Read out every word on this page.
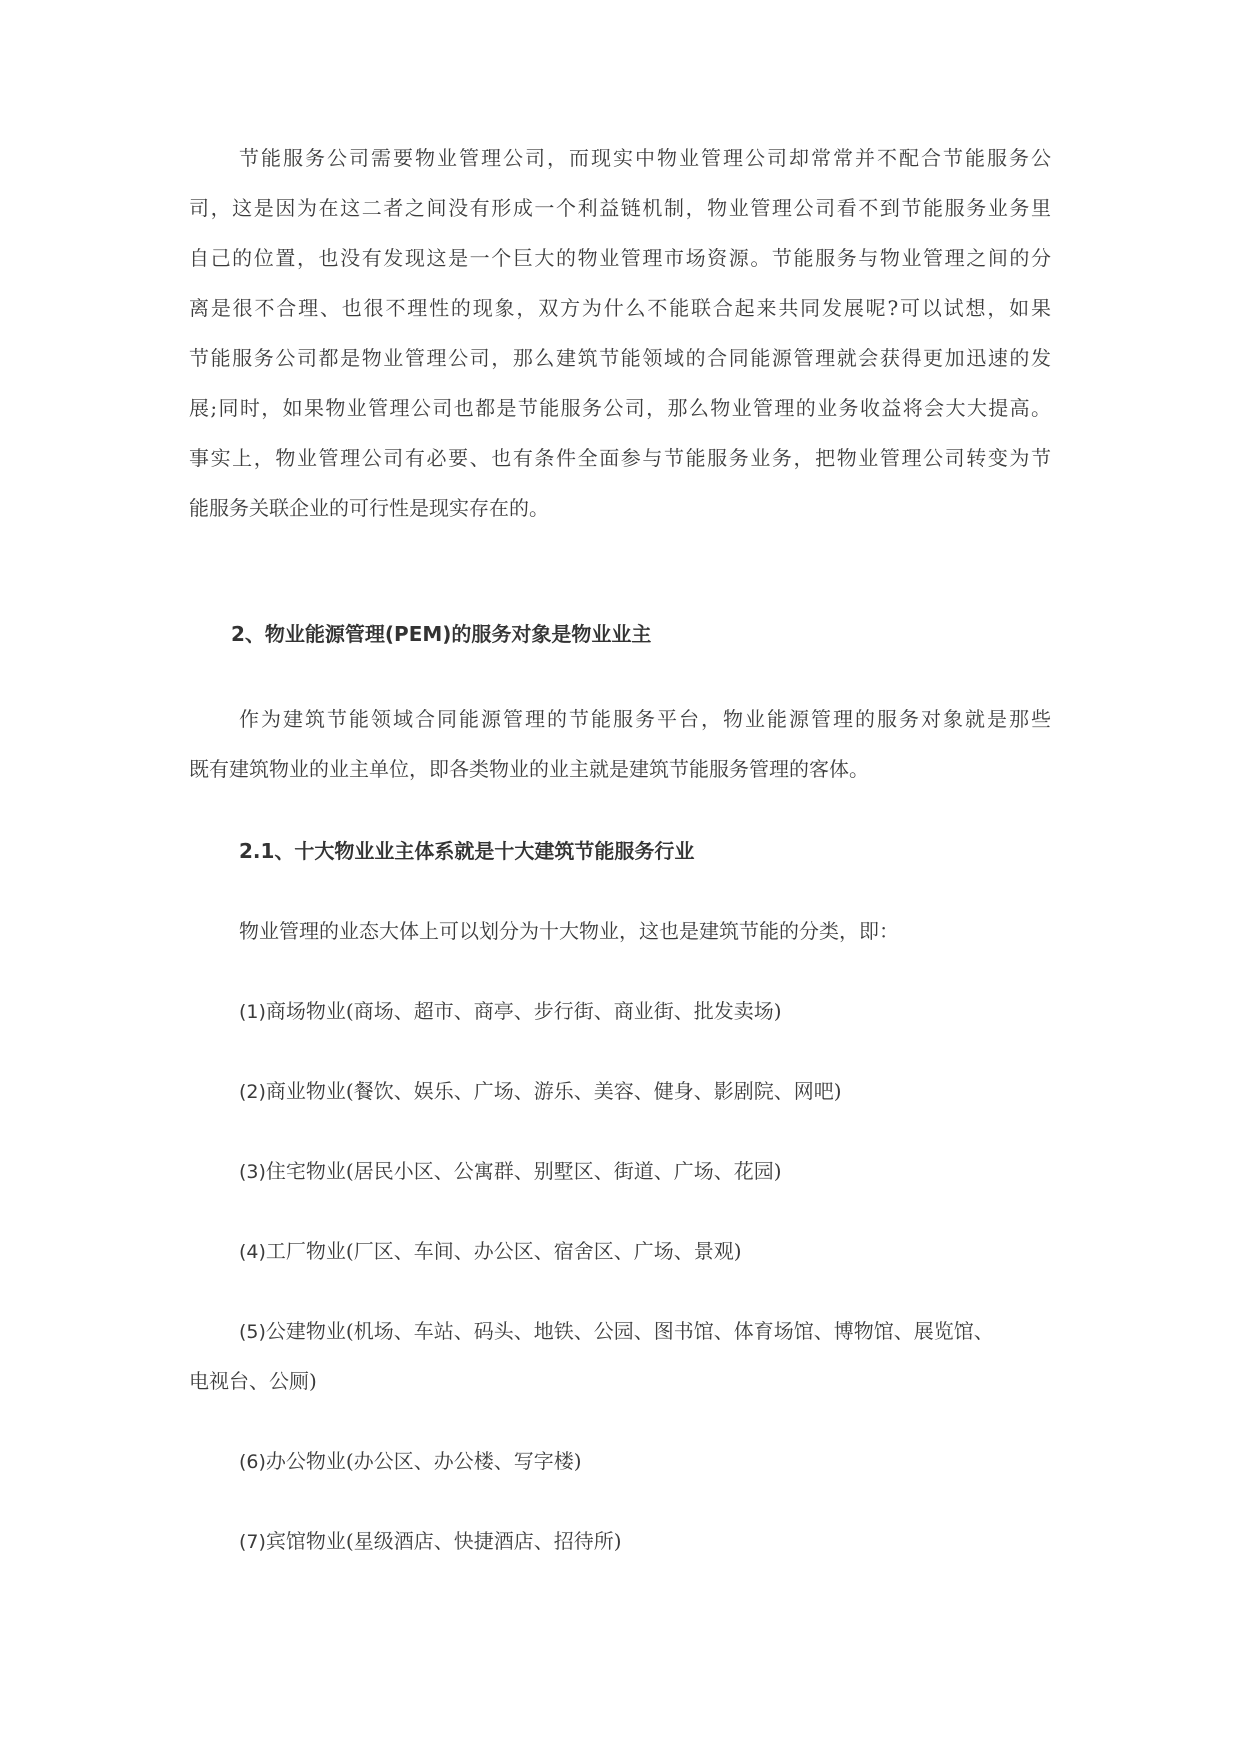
节能服务公司需要物业管理公司，而现实中物业管理公司却常常并不配合节能服务公
司，这是因为在这二者之间没有形成一个利益链机制，物业管理公司看不到节能服务业务里
自己的位置，也没有发现这是一个巨大的物业管理市场资源。节能服务与物业管理之间的分
离是很不合理、也很不理性的现象，双方为什么不能联合起来共同发展呢?可以试想，如果
节能服务公司都是物业管理公司，那么建筑节能领域的合同能源管理就会获得更加迅速的发
展;同时，如果物业管理公司也都是节能服务公司，那么物业管理的业务收益将会大大提高。
事实上，物业管理公司有必要、也有条件全面参与节能服务业务，把物业管理公司转变为节
能服务关联企业的可行性是现实存在的。
2、物业能源管理(PEM)的服务对象是物业业主
作为建筑节能领域合同能源管理的节能服务平台，物业能源管理的服务对象就是那些
既有建筑物业的业主单位，即各类物业的业主就是建筑节能服务管理的客体。
2.1、十大物业业主体系就是十大建筑节能服务行业
物业管理的业态大体上可以划分为十大物业，这也是建筑节能的分类，即：
(1)商场物业(商场、超市、商亭、步行街、商业街、批发卖场)
(2)商业物业(餐饮、娱乐、广场、游乐、美容、健身、影剧院、网吧)
(3)住宅物业(居民小区、公寓群、别墅区、街道、广场、花园)
(4)工厂物业(厂区、车间、办公区、宿舍区、广场、景观)
(5)公建物业(机场、车站、码头、地铁、公园、图书馆、体育场馆、博物馆、展览馆、
电视台、公厕)
(6)办公物业(办公区、办公楼、写字楼)
(7)宾馆物业(星级酒店、快捷酒店、招待所)
